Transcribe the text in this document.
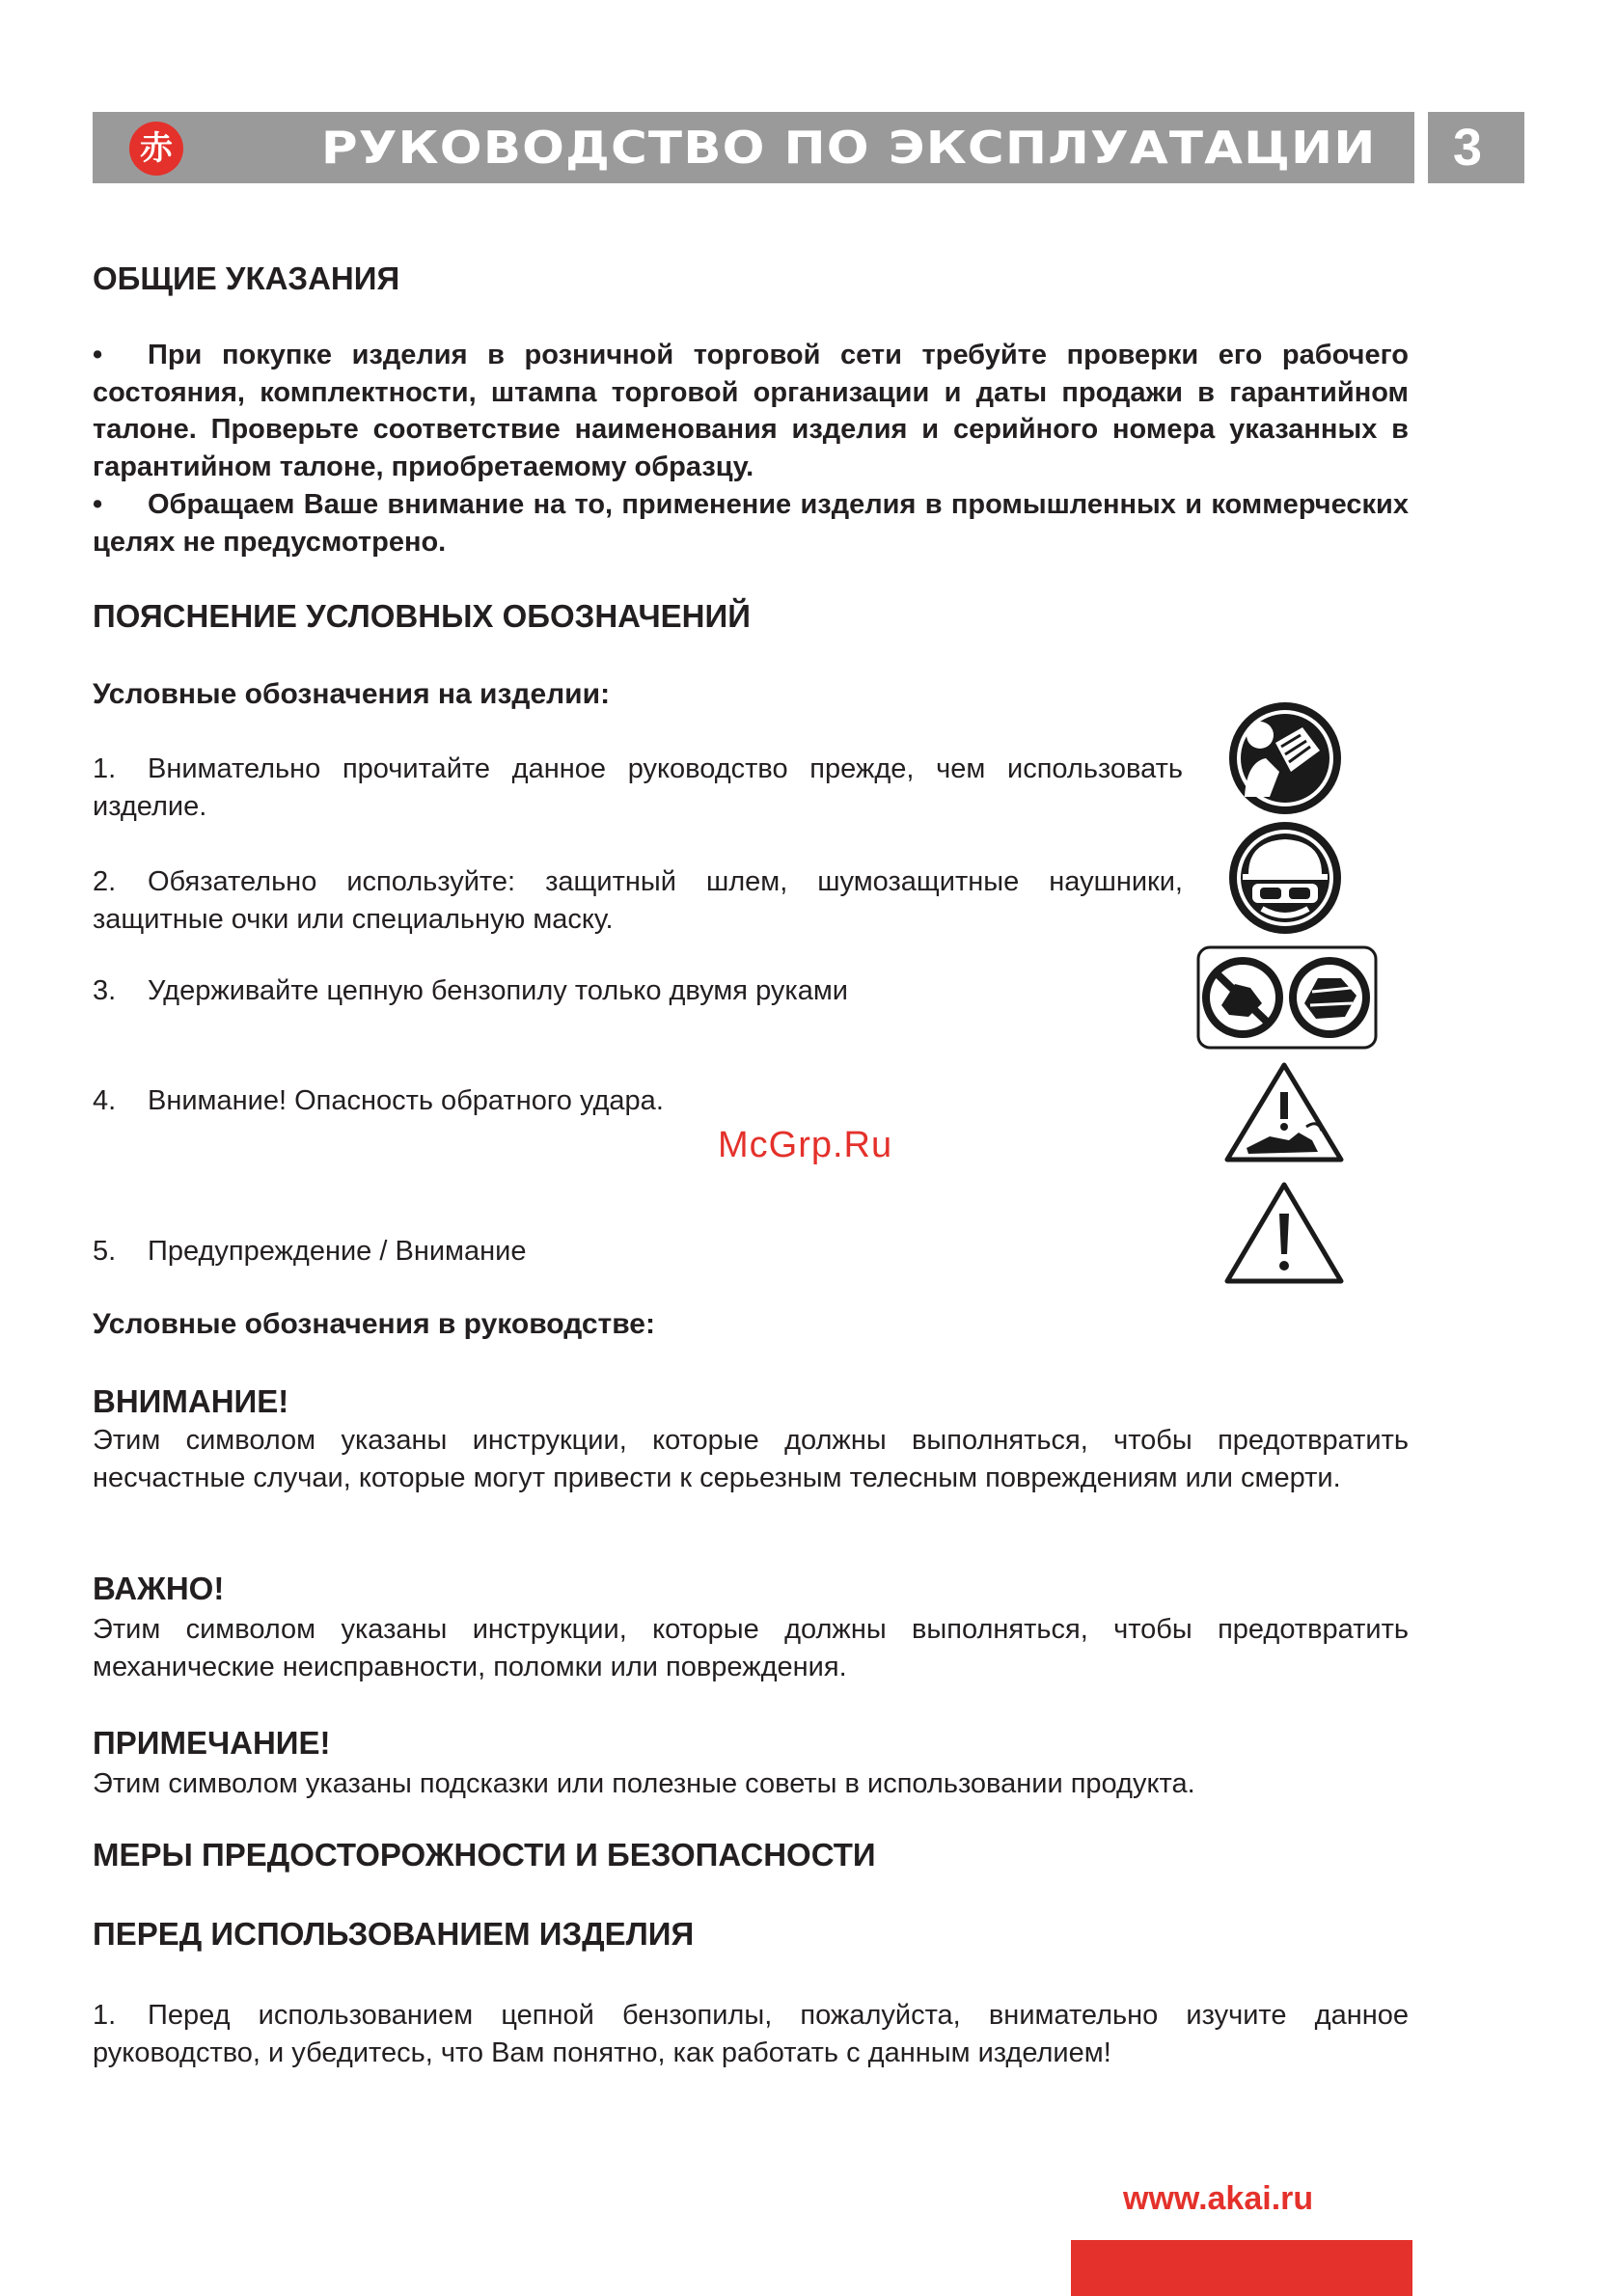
赤	РУКОВОДСТВО ПО ЭКСПЛУАТАЦИИ	3
ОБЩИЕ УКАЗАНИЯ
• При покупке изделия в розничной торговой сети требуйте проверки его рабочего состояния, комплектности, штампа торговой организации и даты продажи в гарантийном талоне. Проверьте соответствие наименования изделия и серийного номера указанных в гарантийном талоне, приобретаемому образцу.
• Обращаем Ваше внимание на то, применение изделия в промышленных и коммерческих целях не предусмотрено.
ПОЯСНЕНИЕ УСЛОВНЫХ ОБОЗНАЧЕНИЙ
Условные обозначения на изделии:
1. Внимательно прочитайте данное руководство прежде, чем использовать изделие.
2. Обязательно используйте: защитный шлем, шумозащитные наушники, защитные очки или специальную маску.
3. Удерживайте цепную бензопилу только двумя руками
4. Внимание! Опасность обратного удара.
5. Предупреждение / Внимание
McGrp.Ru
Условные обозначения в руководстве:
ВНИМАНИЕ!
Этим символом указаны инструкции, которые должны выполняться, чтобы предотвратить несчастные случаи, которые могут привести к серьезным телесным повреждениям или смерти.
ВАЖНО!
Этим символом указаны инструкции, которые должны выполняться, чтобы предотвратить механические неисправности, поломки или повреждения.
ПРИМЕЧАНИЕ!
Этим символом указаны подсказки или полезные советы в использовании продукта.
МЕРЫ ПРЕДОСТОРОЖНОСТИ И БЕЗОПАСНОСТИ
ПЕРЕД ИСПОЛЬЗОВАНИЕМ ИЗДЕЛИЯ
1. Перед использованием цепной бензопилы, пожалуйста, внимательно изучите данное руководство, и убедитесь, что Вам понятно, как работать с данным изделием!
www.akai.ru
